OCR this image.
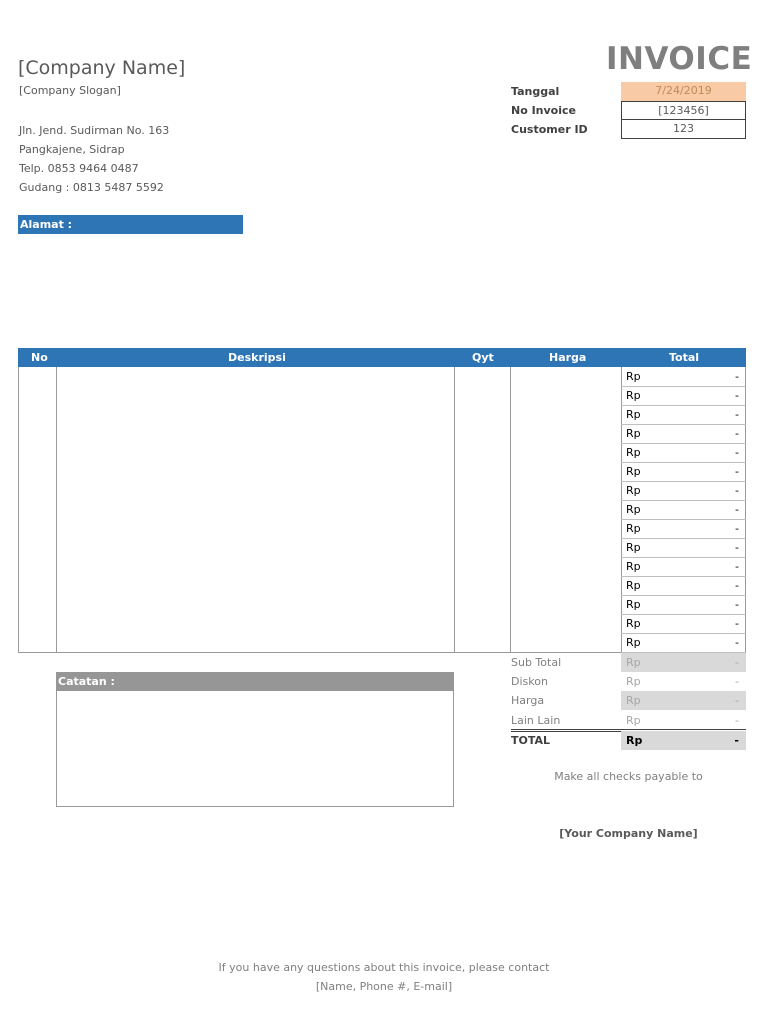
[Company Name]
[Company Slogan]
Jln. Jend. Sudirman No. 163
Pangkajene, Sidrap
Telp. 0853 9464 0487
Gudang : 0813 5487 5592
INVOICE
Tanggal	7/24/2019
No Invoice	[123456]
Customer ID	123
Alamat :
No	Deskripsi	Qyt	Harga	Total
Rp	-
Rp	-
Rp	-
Rp	-
Rp	-
Rp	-
Rp	-
Rp	-
Rp	-
Rp	-
Rp	-
Rp	-
Rp	-
Rp	-
Rp	-
Sub Total	Rp	-
Diskon	Rp	-
Harga	Rp	-
Lain Lain	Rp	-
TOTAL	Rp	-
Catatan :
Make all checks payable to
[Your Company Name]
If you have any questions about this invoice, please contact
[Name, Phone #, E-mail]
